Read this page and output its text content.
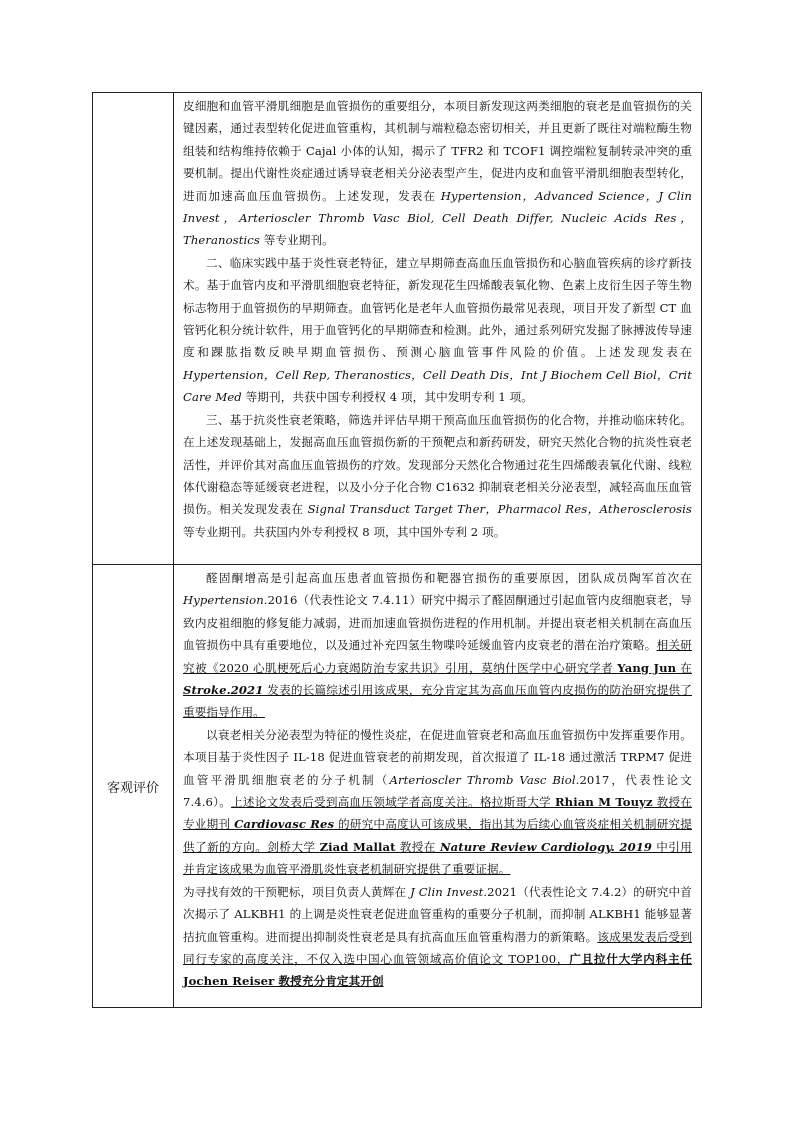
	皮细胞和血管平滑肌细胞是血管损伤的重要组分，本项目新发现这两类细胞的衰老是血管损伤的关键因素，通过表型转化促进血管重构，其机制与端粒稳态密切相关，并且更新了既往对端粒酶生物组装和结构维持依赖于 Cajal 小体的认知，揭示了 TFR2 和 TCOF1 调控端粒复制转录冲突的重要机制。提出代谢性炎症通过诱导衰老相关分泌表型产生，促进内皮和血管平滑肌细胞表型转化，进而加速高血压血管损伤。上述发现，发表在 Hypertension，Advanced Science，J Clin Invest，Arterioscler Thromb Vasc Biol, Cell Death Differ, Nucleic Acids Res，Theranostics 等专业期刊。

二、临床实践中基于炎性衰老特征，建立早期筛查高血压血管损伤和心脑血管疾病的诊疗新技术。基于血管内皮和平滑肌细胞衰老特征，新发现花生四烯酸表氧化物、色素上皮衍生因子等生物标志物用于血管损伤的早期筛查。血管钙化是老年人血管损伤最常见表现，项目开发了新型 CT 血管钙化积分统计软件，用于血管钙化的早期筛查和检测。此外，通过系列研究发掘了脉搏波传导速度和踝肱指数反映早期血管损伤、预测心脑血管事件风险的价值。上述发现发表在 Hypertension，Cell Rep, Theranostics，Cell Death Dis，Int J Biochem Cell Biol，Crit Care Med 等期刊，共获中国专利授权 4 项，其中发明专利 1 项。

三、基于抗炎性衰老策略，筛选并评估早期干预高血压血管损伤的化合物，并推动临床转化。在上述发现基础上，发掘高血压血管损伤新的干预靶点和新药研发，研究天然化合物的抗炎性衰老活性，并评价其对高血压血管损伤的疗效。发现部分天然化合物通过花生四烯酸表氧化代谢、线粒体代谢稳态等延缓衰老进程，以及小分子化合物 C1632 抑制衰老相关分泌表型，减轻高血压血管损伤。相关发现发表在 Signal Transduct Target Ther，Pharmacol Res，Atherosclerosis 等专业期刊。共获国内外专利授权 8 项，其中国外专利 2 项。

客观评价	醛固酮增高是引起高血压患者血管损伤和靶器官损伤的重要原因，团队成员陶军首次在 Hypertension.2016（代表性论文 7.4.11）研究中揭示了醛固酮通过引起血管内皮细胞衰老，导致内皮祖细胞的修复能力减弱，进而加速血管损伤进程的作用机制。并提出衰老相关机制在高血压血管损伤中具有重要地位，以及通过补充四氢生物喋呤延缓血管内皮衰老的潜在治疗策略。相关研究被《2020 心肌梗死后心力衰竭防治专家共识》引用，莫纳什医学中心研究学者 Yang Jun 在 Stroke.2021 发表的长篇综述引用该成果，充分肯定其为高血压血管内皮损伤的防治研究提供了重要指导作用。

以衰老相关分泌表型为特征的慢性炎症，在促进血管衰老和高血压血管损伤中发挥重要作用。本项目基于炎性因子 IL-18 促进血管衰老的前期发现，首次报道了 IL-18 通过激活 TRPM7 促进血管平滑肌细胞衰老的分子机制（Arterioscler Thromb Vasc Biol.2017，代表性论文 7.4.6）。上述论文发表后受到高血压领域学者高度关注。格拉斯哥大学 Rhian M Touyz 教授在专业期刊 Cardiovasc Res 的研究中高度认可该成果，指出其为后续心血管炎症相关机制研究提供了新的方向。剑桥大学 Ziad Mallat 教授在 Nature Review Cardiology. 2019 中引用并肯定该成果为血管平滑肌炎性衰老机制研究提供了重要证据。

为寻找有效的干预靶标，项目负责人黄辉在 J Clin Invest.2021（代表性论文 7.4.2）的研究中首次揭示了 ALKBH1 的上调是炎性衰老促进血管重构的重要分子机制，而抑制 ALKBH1 能够显著拮抗血管重构。进而提出抑制炎性衰老是具有抗高血压血管重构潜力的新策略。该成果发表后受到同行专家的高度关注，不仅入选中国心血管领域高价值论文 TOP100，广且拉什大学内科主任 Jochen Reiser 教授充分肯定其开创
